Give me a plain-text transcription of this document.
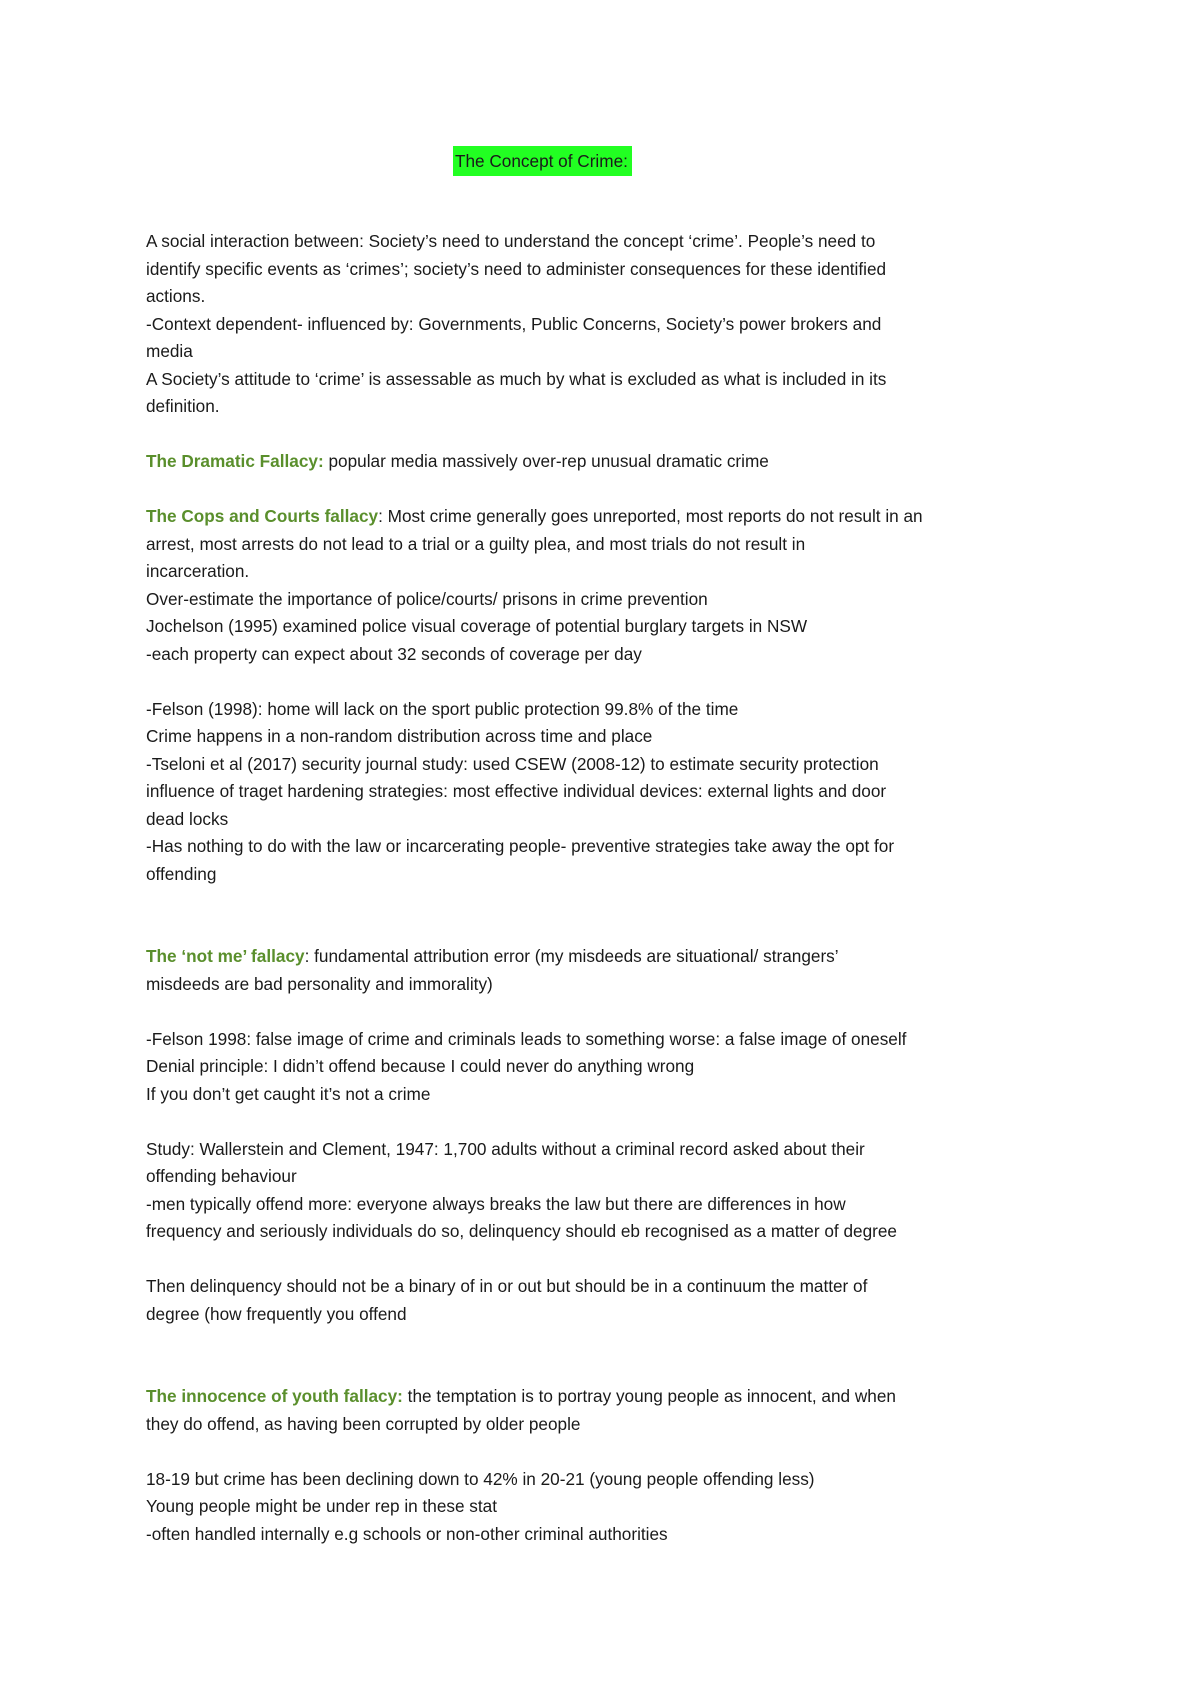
The Concept of Crime:
A social interaction between: Society’s need to understand the concept ‘crime’. People’s need to
identify specific events as ‘crimes’; society’s need to administer consequences for these identified
actions.
-Context dependent- influenced by: Governments, Public Concerns, Society’s power brokers and
media
A Society’s attitude to ‘crime’ is assessable as much by what is excluded as what is included in its
definition.
The Dramatic Fallacy: popular media massively over-rep unusual dramatic crime
The Cops and Courts fallacy: Most crime generally goes unreported, most reports do not result in an
arrest, most arrests do not lead to a trial or a guilty plea, and most trials do not result in
incarceration.
Over-estimate the importance of police/courts/ prisons in crime prevention
Jochelson (1995) examined police visual coverage of potential burglary targets in NSW
-each property can expect about 32 seconds of coverage per day
-Felson (1998): home will lack on the sport public protection 99.8% of the time
Crime happens in a non-random distribution across time and place
-Tseloni et al (2017) security journal study: used CSEW (2008-12) to estimate security protection
influence of traget hardening strategies: most effective individual devices: external lights and door
dead locks
-Has nothing to do with the law or incarcerating people- preventive strategies take away the opt for
offending
The ‘not me’ fallacy: fundamental attribution error (my misdeeds are situational/ strangers’
misdeeds are bad personality and immorality)
-Felson 1998: false image of crime and criminals leads to something worse: a false image of oneself
Denial principle: I didn’t offend because I could never do anything wrong
If you don’t get caught it’s not a crime
Study: Wallerstein and Clement, 1947: 1,700 adults without a criminal record asked about their
offending behaviour
-men typically offend more: everyone always breaks the law but there are differences in how
frequency and seriously individuals do so, delinquency should eb recognised as a matter of degree
Then delinquency should not be a binary of in or out but should be in a continuum the matter of
degree (how frequently you offend
The innocence of youth fallacy: the temptation is to portray young people as innocent, and when
they do offend, as having been corrupted by older people
18-19 but crime has been declining down to 42% in 20-21 (young people offending less)
Young people might be under rep in these stat
-often handled internally e.g schools or non-other criminal authorities
